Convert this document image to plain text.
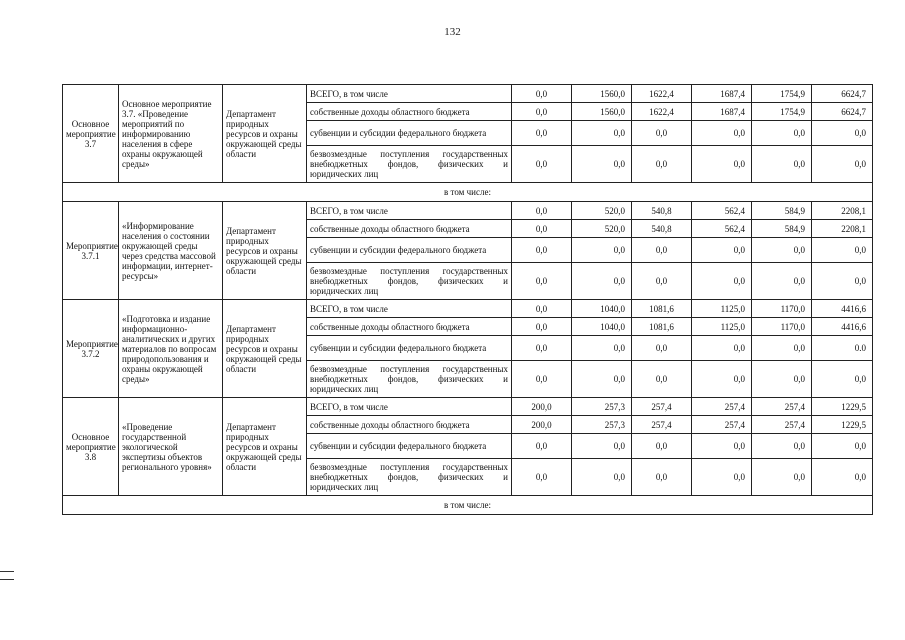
132
Основное мероприятие 3.7	Основное мероприятие 3.7. «Проведение мероприятий по информированию населения в сфере охраны окружающей среды»	Департамент природных ресурсов и охраны окружающей среды области	ВСЕГО, в том числе	0,0	1560,0	1622,4	1687,4	1754,9	6624,7
			собственные доходы областного бюджета	0,0	1560,0	1622,4	1687,4	1754,9	6624,7
			субвенции и субсидии федерального бюджета	0,0	0,0	0,0	0,0	0,0	0,0
			безвозмездные поступления государственных внебюджетных фондов, физических и юридических лиц	0,0	0,0	0,0	0,0	0,0	0,0
в том числе:									
Мероприятие 3.7.1	«Информирование населения о состоянии окружающей среды через средства массовой информации, интернет-ресурсы»	Департамент природных ресурсов и охраны окружающей среды области	ВСЕГО, в том числе	0,0	520,0	540,8	562,4	584,9	2208,1
			собственные доходы областного бюджета	0,0	520,0	540,8	562,4	584,9	2208,1
			субвенции и субсидии федерального бюджета	0,0	0,0	0,0	0,0	0,0	0,0
			безвозмездные поступления государственных внебюджетных фондов, физических и юридических лиц	0,0	0,0	0,0	0,0	0,0	0,0
Мероприятие 3.7.2	«Подготовка и издание информационно-аналитических и других материалов по вопросам природопользования и охраны окружающей среды»	Департамент природных ресурсов и охраны окружающей среды области	ВСЕГО, в том числе	0,0	1040,0	1081,6	1125,0	1170,0	4416,6
			собственные доходы областного бюджета	0,0	1040,0	1081,6	1125,0	1170,0	4416,6
			субвенции и субсидии федерального бюджета	0,0	0,0	0,0	0,0	0,0	0.0
			безвозмездные поступления государственных внебюджетных фондов, физических и юридических лиц	0,0	0,0	0,0	0,0	0,0	0,0
Основное мероприятие 3.8	«Проведение государственной экологической экспертизы объектов регионального уровня»	Департамент природных ресурсов и охраны окружающей среды области	ВСЕГО, в том числе	200,0	257,3	257,4	257,4	257,4	1229,5
			собственные доходы областного бюджета	200,0	257,3	257,4	257,4	257,4	1229,5
			субвенции и субсидии федерального бюджета	0,0	0,0	0,0	0,0	0,0	0,0
			безвозмездные поступления государственных внебюджетных фондов, физических и юридических лиц	0,0	0,0	0,0	0,0	0,0	0,0
в том числе:									
